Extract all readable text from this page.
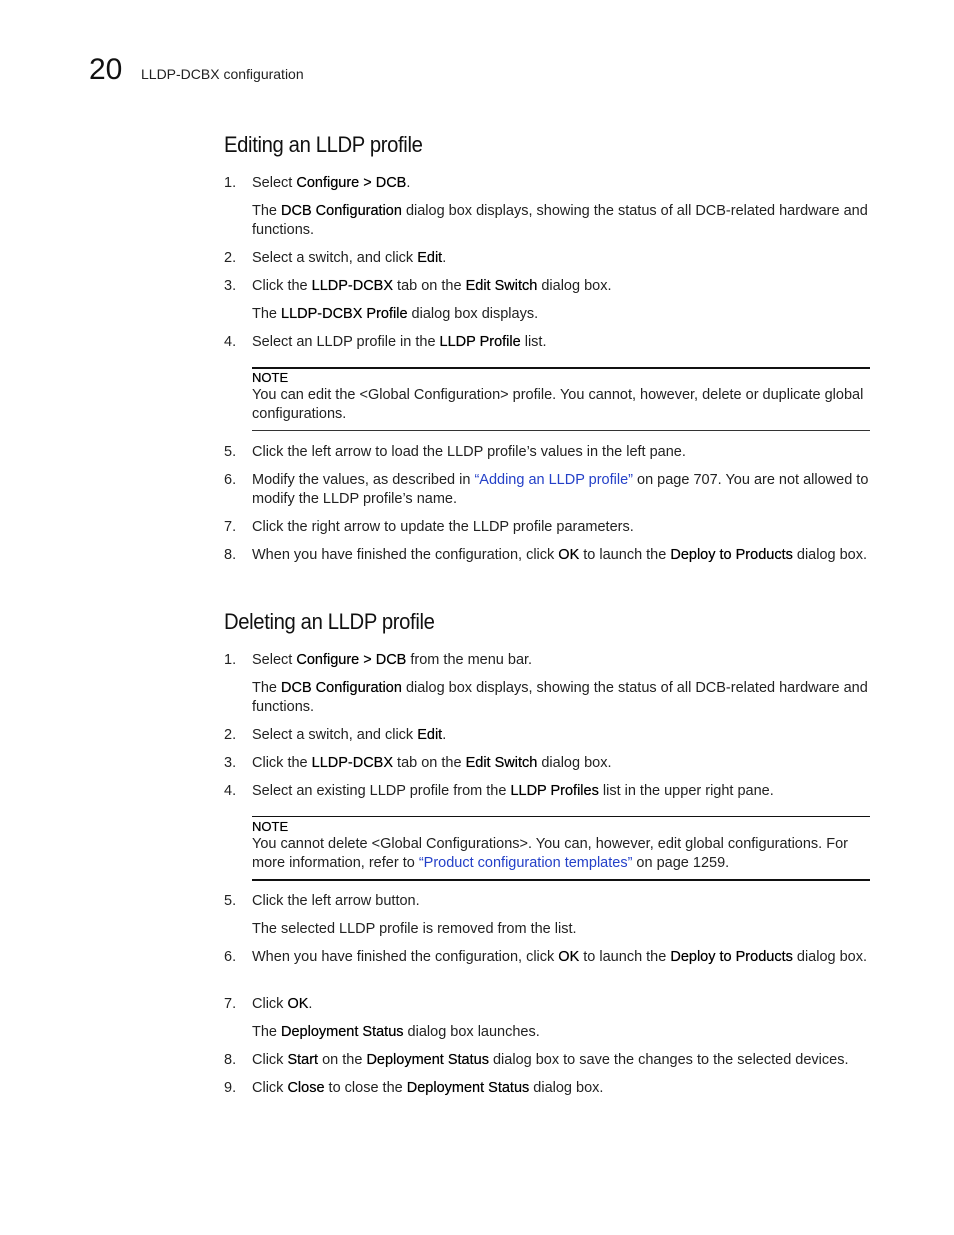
20 LLDP-DCBX configuration
Editing an LLDP profile
1.	Select Configure > DCB.
The DCB Configuration dialog box displays, showing the status of all DCB-related hardware and functions.
2.	Select a switch, and click Edit.
3.	Click the LLDP-DCBX tab on the Edit Switch dialog box.
The LLDP-DCBX Profile dialog box displays.
4.	Select an LLDP profile in the LLDP Profile list.
NOTE
You can edit the <Global Configuration> profile. You cannot, however, delete or duplicate global configurations.
5.	Click the left arrow to load the LLDP profile’s values in the left pane.
6.	Modify the values, as described in “Adding an LLDP profile” on page 707. You are not allowed to modify the LLDP profile’s name.
7.	Click the right arrow to update the LLDP profile parameters.
8.	When you have finished the configuration, click OK to launch the Deploy to Products dialog box.
Deleting an LLDP profile
1.	Select Configure > DCB from the menu bar.
The DCB Configuration dialog box displays, showing the status of all DCB-related hardware and functions.
2.	Select a switch, and click Edit.
3.	Click the LLDP-DCBX tab on the Edit Switch dialog box.
4.	Select an existing LLDP profile from the LLDP Profiles list in the upper right pane.
NOTE
You cannot delete <Global Configurations>. You can, however, edit global configurations. For more information, refer to “Product configuration templates” on page 1259.
5.	Click the left arrow button.
The selected LLDP profile is removed from the list.
6.	When you have finished the configuration, click OK to launch the Deploy to Products dialog box.
7.	Click OK.
The Deployment Status dialog box launches.
8.	Click Start on the Deployment Status dialog box to save the changes to the selected devices.
9.	Click Close to close the Deployment Status dialog box.
